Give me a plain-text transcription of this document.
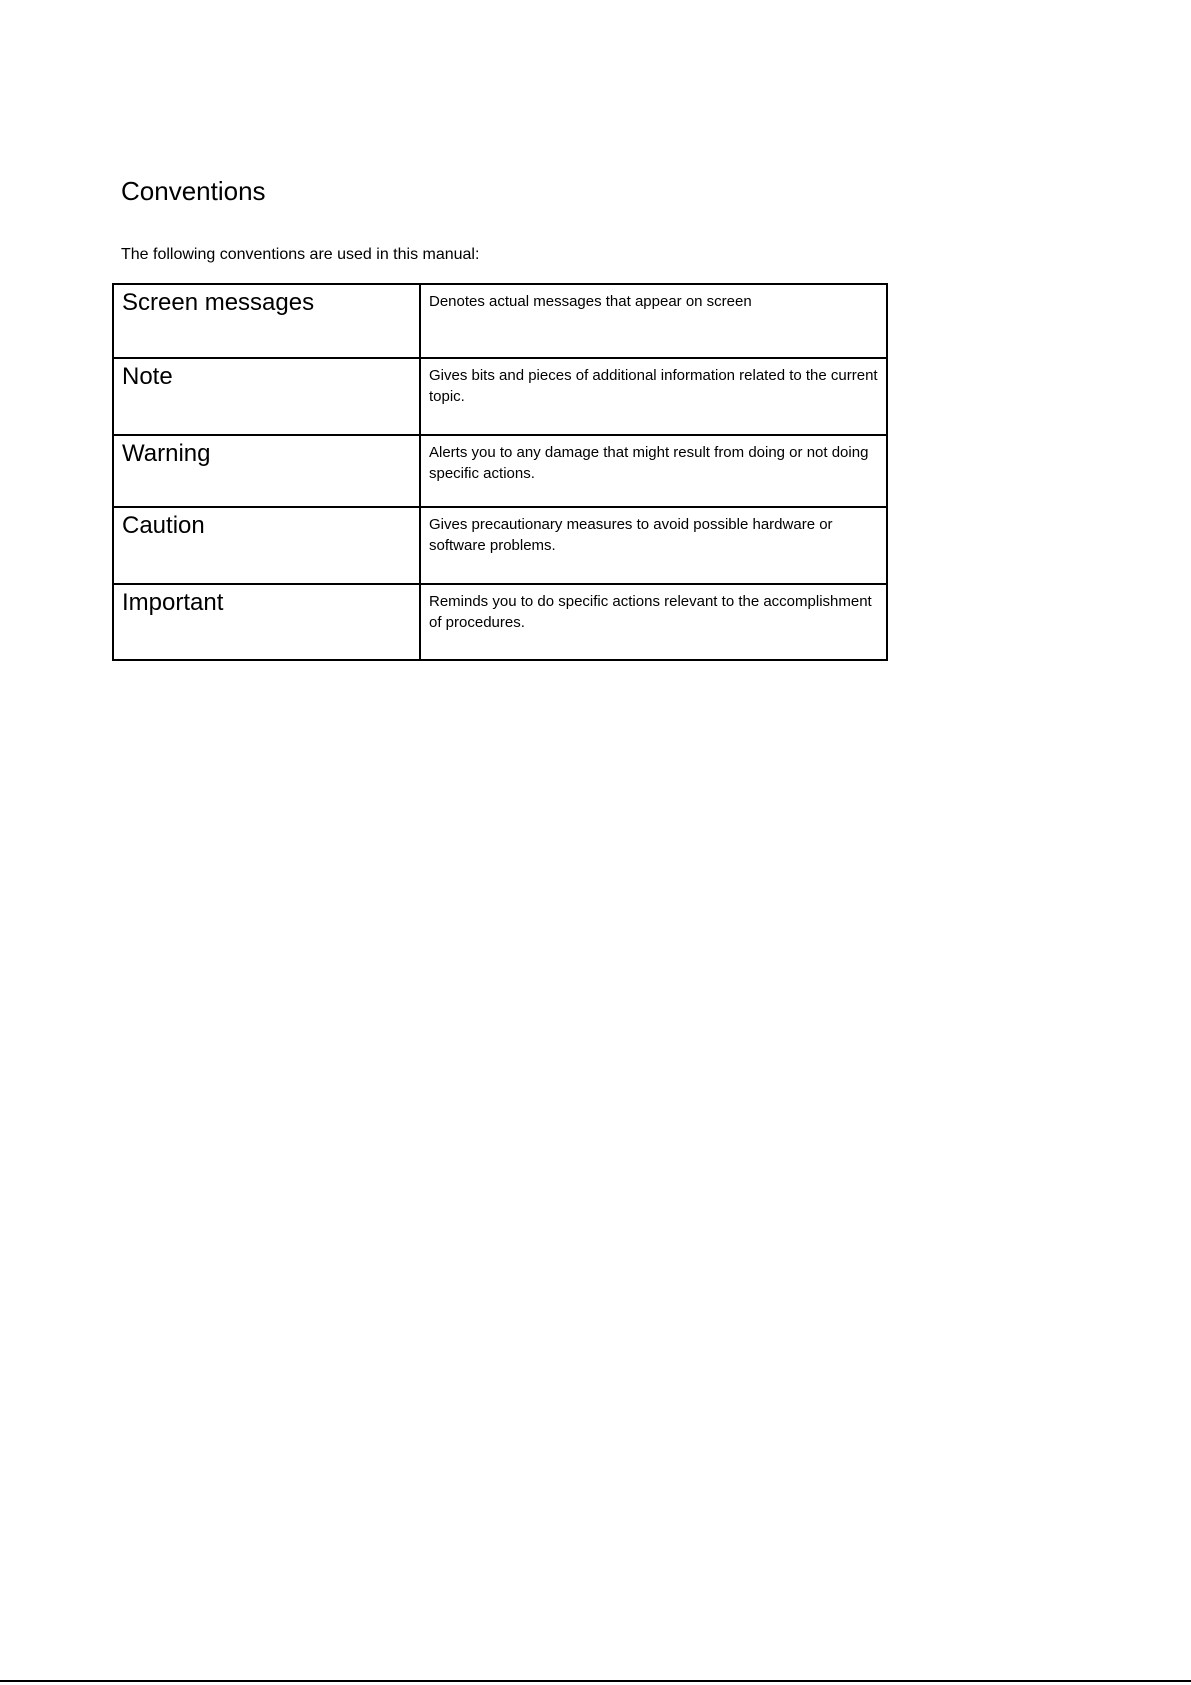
Conventions

The following conventions are used in this manual:

Screen messages	Denotes actual messages that appear on screen
Note	Gives bits and pieces of additional information related to the current topic.
Warning	Alerts you to any damage that might result from doing or not doing specific actions.
Caution	Gives precautionary measures to avoid possible hardware or software problems.
Important	Reminds you to do specific actions relevant to the accomplishment of procedures.
